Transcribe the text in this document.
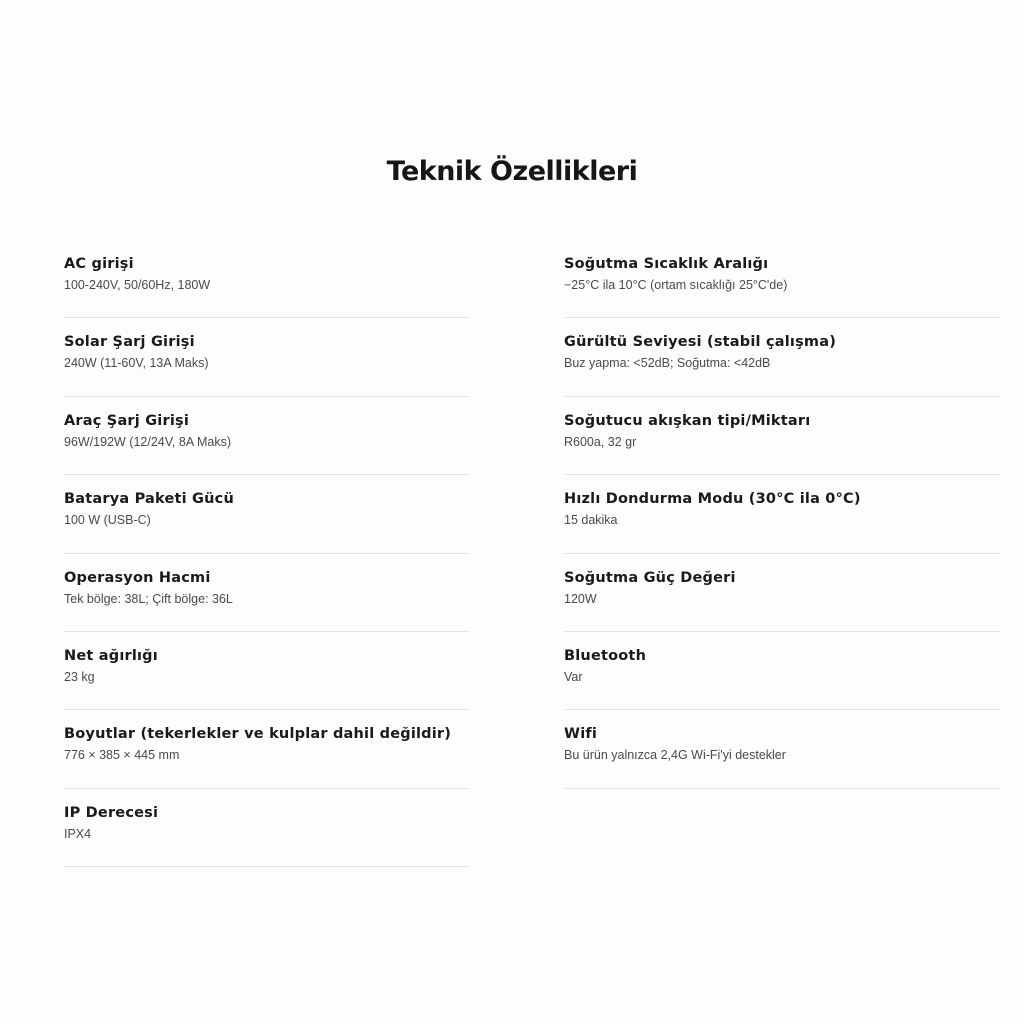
Teknik Özellikleri
AC girişi
100-240V, 50/60Hz, 180W
Solar Şarj Girişi
240W (11-60V, 13A Maks)
Araç Şarj Girişi
96W/192W (12/24V, 8A Maks)
Batarya Paketi Gücü
100 W (USB-C)
Operasyon Hacmi
Tek bölge: 38L; Çift bölge: 36L
Net ağırlığı
23 kg
Boyutlar (tekerlekler ve kulplar dahil değildir)
776 × 385 × 445 mm
IP Derecesi
IPX4
Soğutma Sıcaklık Aralığı
−25°C ila 10°C (ortam sıcaklığı 25°C'de)
Gürültü Seviyesi (stabil çalışma)
Buz yapma: <52dB; Soğutma: <42dB
Soğutucu akışkan tipi/Miktarı
R600a, 32 gr
Hızlı Dondurma Modu (30°C ila 0°C)
15 dakika
Soğutma Güç Değeri
120W
Bluetooth
Var
Wifi
Bu ürün yalnızca 2,4G Wi-Fi'yi destekler
